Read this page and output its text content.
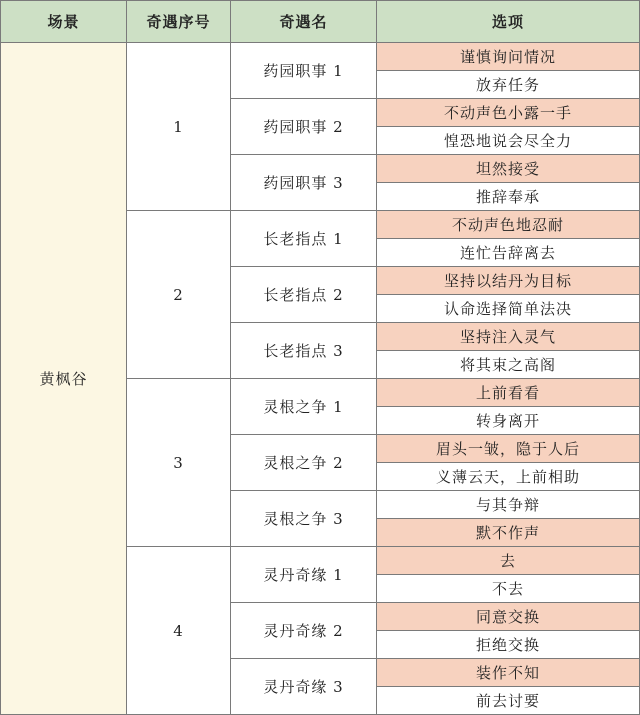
场景	奇遇序号	奇遇名	选项
黄枫谷	1	药园职事 1	谨慎询问情况
			放弃任务
		药园职事 2	不动声色小露一手
			惶恐地说会尽全力
		药园职事 3	坦然接受
			推辞奉承
	2	长老指点 1	不动声色地忍耐
			连忙告辞离去
		长老指点 2	坚持以结丹为目标
			认命选择简单法决
		长老指点 3	坚持注入灵气
			将其束之高阁
	3	灵根之争 1	上前看看
			转身离开
		灵根之争 2	眉头一皱，隐于人后
			义薄云天，上前相助
		灵根之争 3	与其争辩
			默不作声
	4	灵丹奇缘 1	去
			不去
		灵丹奇缘 2	同意交换
			拒绝交换
		灵丹奇缘 3	装作不知
			前去讨要
